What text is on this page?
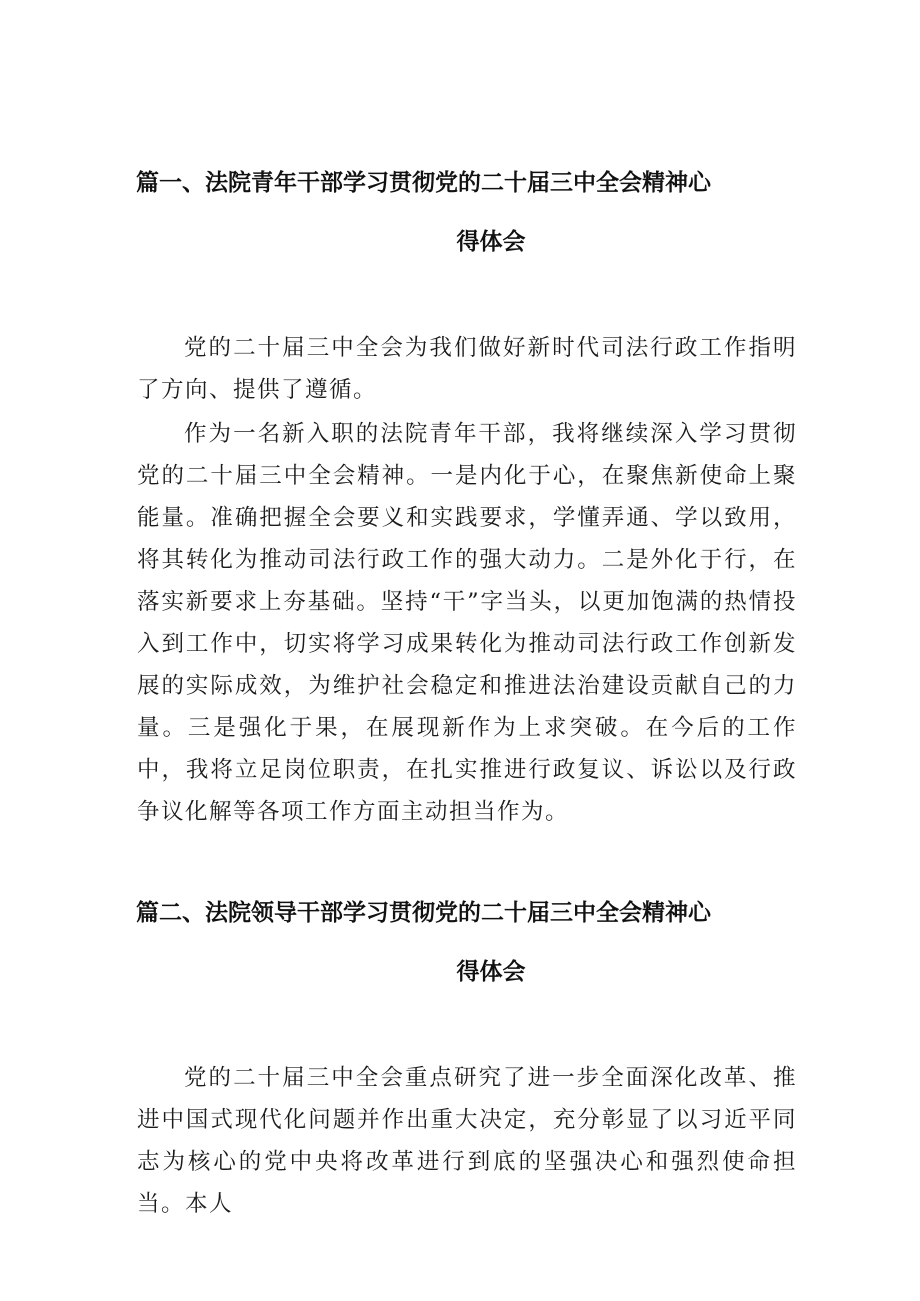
篇一、法院青年干部学习贯彻党的二十届三中全会精神心
得体会

党的二十届三中全会为我们做好新时代司法行政工作指明了方向、提供了遵循。

作为一名新入职的法院青年干部，我将继续深入学习贯彻党的二十届三中全会精神。一是内化于心，在聚焦新使命上聚能量。准确把握全会要义和实践要求，学懂弄通、学以致用，将其转化为推动司法行政工作的强大动力。二是外化于行，在落实新要求上夯基础。坚持“干”字当头，以更加饱满的热情投入到工作中，切实将学习成果转化为推动司法行政工作创新发展的实际成效，为维护社会稳定和推进法治建设贡献自己的力量。三是强化于果，在展现新作为上求突破。在今后的工作中，我将立足岗位职责，在扎实推进行政复议、诉讼以及行政争议化解等各项工作方面主动担当作为。

篇二、法院领导干部学习贯彻党的二十届三中全会精神心
得体会

党的二十届三中全会重点研究了进一步全面深化改革、推进中国式现代化问题并作出重大决定，充分彰显了以习近平同志为核心的党中央将改革进行到底的坚强决心和强烈使命担当。本人
